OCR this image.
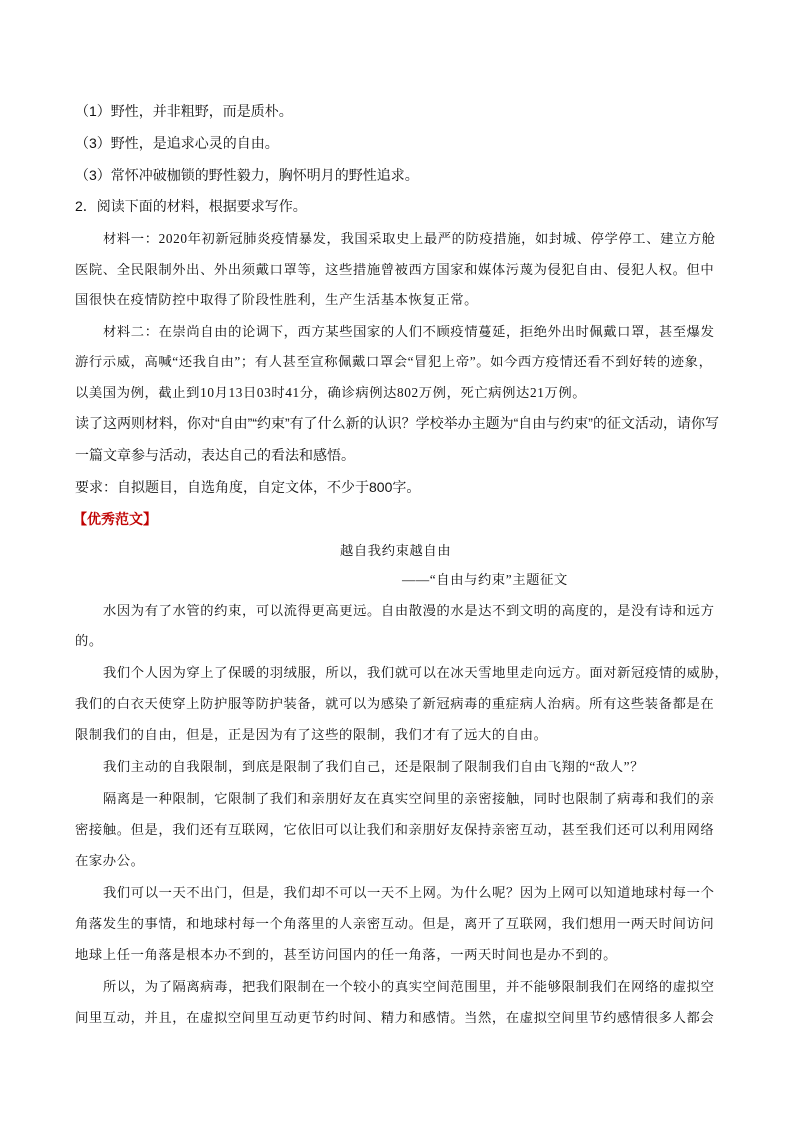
（1）野性，并非粗野，而是质朴。
（3）野性，是追求心灵的自由。
（3）常怀冲破枷锁的野性毅力，胸怀明月的野性追求。
2．阅读下面的材料，根据要求写作。
材料一：2020年初新冠肺炎疫情暴发，我国采取史上最严的防疫措施，如封城、停学停工、建立方舱
医院、全民限制外出、外出须戴口罩等，这些措施曾被西方国家和媒体污蔑为侵犯自由、侵犯人权。但中
国很快在疫情防控中取得了阶段性胜利，生产生活基本恢复正常。
材料二：在崇尚自由的论调下，西方某些国家的人们不顾疫情蔓延，拒绝外出时佩戴口罩，甚至爆发
游行示威，高喊“还我自由”；有人甚至宣称佩戴口罩会“冒犯上帝”。如今西方疫情还看不到好转的迹象，
以美国为例，截止到10月13日03时41分，确诊病例达802万例，死亡病例达21万例。
读了这两则材料，你对“自由”“约束”有了什么新的认识？学校举办主题为“自由与约束”的征文活动，请你写
一篇文章参与活动，表达自己的看法和感悟。
要求：自拟题目，自选角度，自定文体，不少于800字。
【优秀范文】
越自我约束越自由
——“自由与约束”主题征文
水因为有了水管的约束，可以流得更高更远。自由散漫的水是达不到文明的高度的，是没有诗和远方
的。
我们个人因为穿上了保暖的羽绒服，所以，我们就可以在冰天雪地里走向远方。面对新冠疫情的威胁，
我们的白衣天使穿上防护服等防护装备，就可以为感染了新冠病毒的重症病人治病。所有这些装备都是在
限制我们的自由，但是，正是因为有了这些的限制，我们才有了远大的自由。
我们主动的自我限制，到底是限制了我们自己，还是限制了限制我们自由飞翔的“敌人”？
隔离是一种限制，它限制了我们和亲朋好友在真实空间里的亲密接触，同时也限制了病毒和我们的亲
密接触。但是，我们还有互联网，它依旧可以让我们和亲朋好友保持亲密互动，甚至我们还可以利用网络
在家办公。
我们可以一天不出门，但是，我们却不可以一天不上网。为什么呢？因为上网可以知道地球村每一个
角落发生的事情，和地球村每一个角落里的人亲密互动。但是，离开了互联网，我们想用一两天时间访问
地球上任一角落是根本办不到的，甚至访问国内的任一角落，一两天时间也是办不到的。
所以，为了隔离病毒，把我们限制在一个较小的真实空间范围里，并不能够限制我们在网络的虚拟空
间里互动，并且，在虚拟空间里互动更节约时间、精力和感情。当然，在虚拟空间里节约感情很多人都会
